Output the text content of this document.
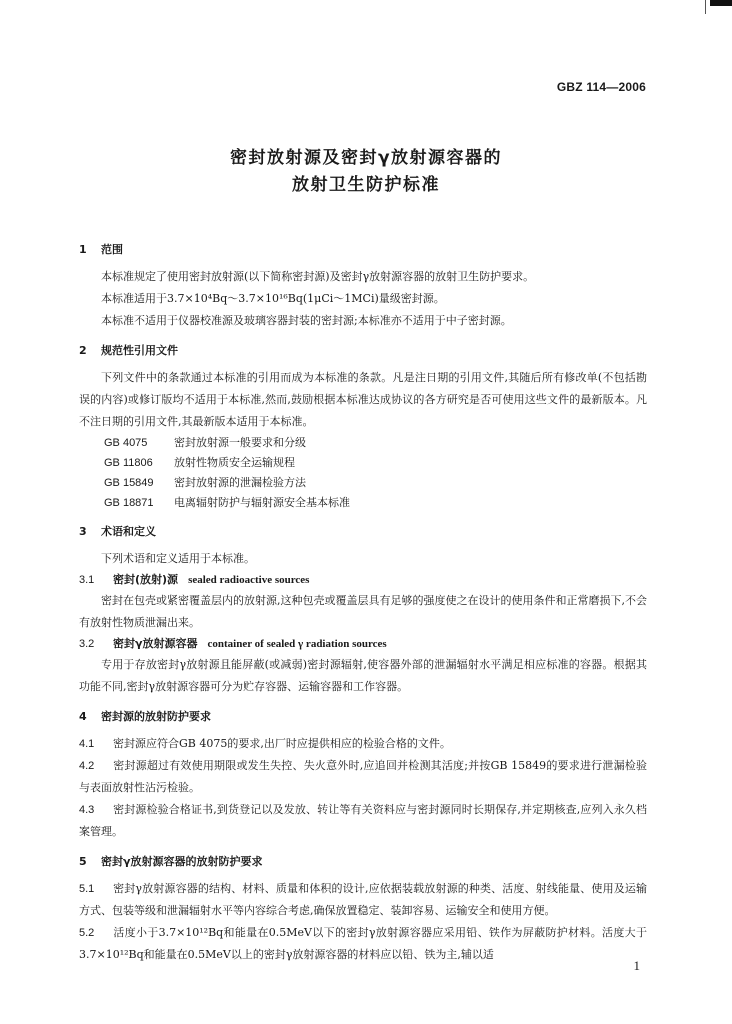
GBZ 114—2006
密封放射源及密封γ放射源容器的
放射卫生防护标准
1 范围
本标准规定了使用密封放射源(以下简称密封源)及密封γ放射源容器的放射卫生防护要求。
本标准适用于3.7×10⁴Bq～3.7×10¹⁶Bq(1μCi～1MCi)量级密封源。
本标准不适用于仪器校准源及玻璃容器封装的密封源;本标准亦不适用于中子密封源。
2 规范性引用文件
下列文件中的条款通过本标准的引用而成为本标准的条款。凡是注日期的引用文件,其随后所有修改单(不包括勘误的内容)或修订版均不适用于本标准,然而,鼓励根据本标准达成协议的各方研究是否可使用这些文件的最新版本。凡不注日期的引用文件,其最新版本适用于本标准。
GB 4075 密封放射源一般要求和分级
GB 11806 放射性物质安全运输规程
GB 15849 密封放射源的泄漏检验方法
GB 18871 电离辐射防护与辐射源安全基本标准
3 术语和定义
下列术语和定义适用于本标准。
3.1 密封(放射)源 sealed radioactive sources
密封在包壳或紧密覆盖层内的放射源,这种包壳或覆盖层具有足够的强度使之在设计的使用条件和正常磨损下,不会有放射性物质泄漏出来。
3.2 密封γ放射源容器 container of sealed γ radiation sources
专用于存放密封γ放射源且能屏蔽(或减弱)密封源辐射,使容器外部的泄漏辐射水平满足相应标准的容器。根据其功能不同,密封γ放射源容器可分为贮存容器、运输容器和工作容器。
4 密封源的放射防护要求
4.1 密封源应符合GB 4075的要求,出厂时应提供相应的检验合格的文件。
4.2 密封源超过有效使用期限或发生失控、失火意外时,应追回并检测其活度;并按GB 15849的要求进行泄漏检验与表面放射性沾污检验。
4.3 密封源检验合格证书,到货登记以及发放、转让等有关资料应与密封源同时长期保存,并定期核查,应列入永久档案管理。
5 密封γ放射源容器的放射防护要求
5.1 密封γ放射源容器的结构、材料、质量和体积的设计,应依据装载放射源的种类、活度、射线能量、使用及运输方式、包装等级和泄漏辐射水平等内容综合考虑,确保放置稳定、装卸容易、运输安全和使用方便。
5.2 活度小于3.7×10¹²Bq和能量在0.5MeV以下的密封γ放射源容器应采用铅、铁作为屏蔽防护材料。活度大于3.7×10¹²Bq和能量在0.5MeV以上的密封γ放射源容器的材料应以铅、铁为主,辅以适
1
